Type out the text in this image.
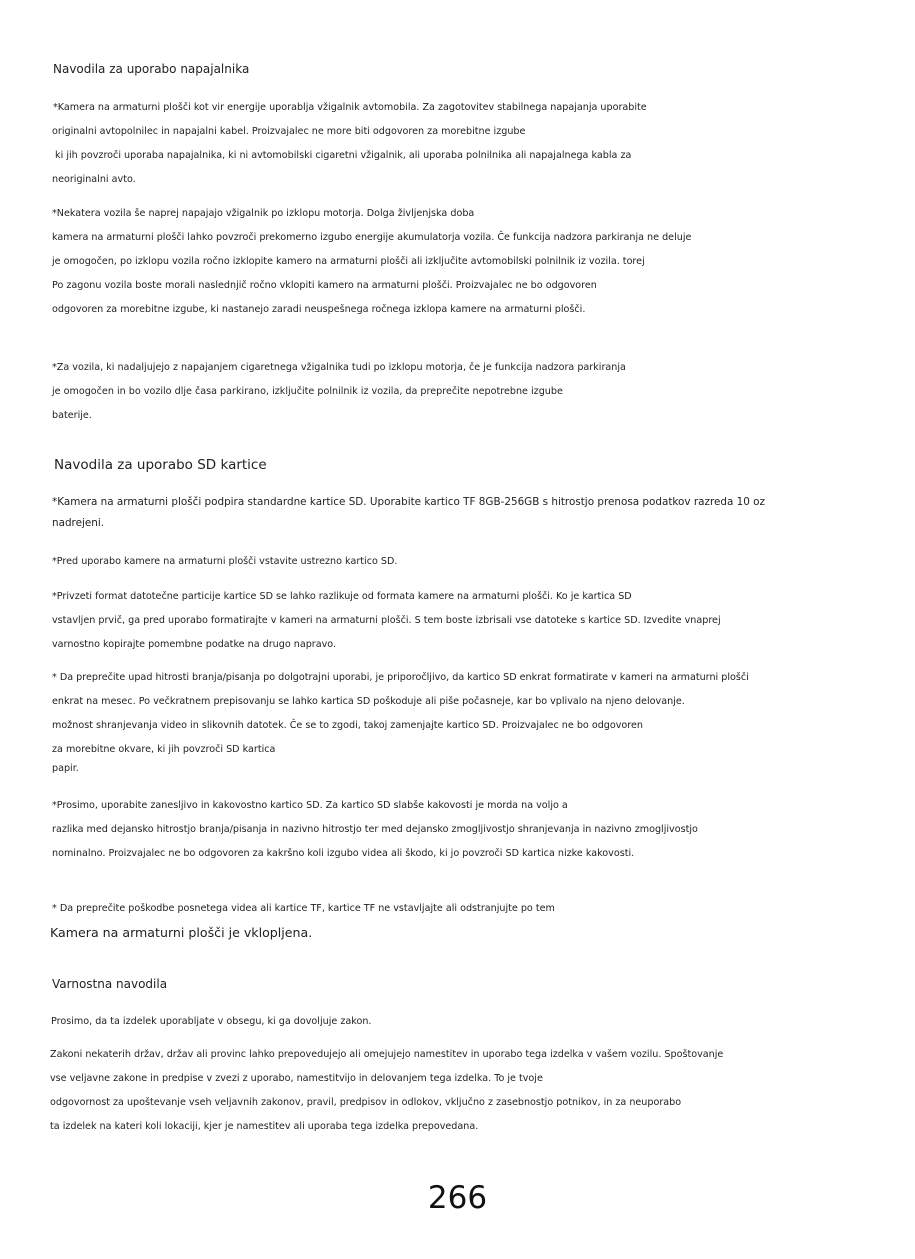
Navodila za uporabo napajalnika
*Kamera na armaturni plošči kot vir energije uporablja vžigalnik avtomobila. Za zagotovitev stabilnega napajanja uporabite
originalni avtopolnilec in napajalni kabel. Proizvajalec ne more biti odgovoren za morebitne izgube
ki jih povzroči uporaba napajalnika, ki ni avtomobilski cigaretni vžigalnik, ali uporaba polnilnika ali napajalnega kabla za
neoriginalni avto.
*Nekatera vozila še naprej napajajo vžigalnik po izklopu motorja. Dolga življenjska doba
kamera na armaturni plošči lahko povzroči prekomerno izgubo energije akumulatorja vozila. Če funkcija nadzora parkiranja ne deluje
je omogočen, po izklopu vozila ročno izklopite kamero na armaturni plošči ali izključite avtomobilski polnilnik iz vozila. torej
Po zagonu vozila boste morali naslednjič ročno vklopiti kamero na armaturni plošči. Proizvajalec ne bo odgovoren
odgovoren za morebitne izgube, ki nastanejo zaradi neuspešnega ročnega izklopa kamere na armaturni plošči.
*Za vozila, ki nadaljujejo z napajanjem cigaretnega vžigalnika tudi po izklopu motorja, če je funkcija nadzora parkiranja
je omogočen in bo vozilo dlje časa parkirano, izključite polnilnik iz vozila, da preprečite nepotrebne izgube
baterije.
Navodila za uporabo SD kartice
*Kamera na armaturni plošči podpira standardne kartice SD. Uporabite kartico TF 8GB-256GB s hitrostjo prenosa podatkov razreda 10 oz
nadrejeni.
*Pred uporabo kamere na armaturni plošči vstavite ustrezno kartico SD.
*Privzeti format datotečne particije kartice SD se lahko razlikuje od formata kamere na armaturni plošči. Ko je kartica SD
vstavljen prvič, ga pred uporabo formatirajte v kameri na armaturni plošči. S tem boste izbrisali vse datoteke s kartice SD. Izvedite vnaprej
varnostno kopirajte pomembne podatke na drugo napravo.
* Da preprečite upad hitrosti branja/pisanja po dolgotrajni uporabi, je priporočljivo, da kartico SD enkrat formatirate v kameri na armaturni plošči
enkrat na mesec. Po večkratnem prepisovanju se lahko kartica SD poškoduje ali piše počasneje, kar bo vplivalo na njeno delovanje.
možnost shranjevanja video in slikovnih datotek. Če se to zgodi, takoj zamenjajte kartico SD. Proizvajalec ne bo odgovoren
za morebitne okvare, ki jih povzroči SD kartica
papir.
*Prosimo, uporabite zanesljivo in kakovostno kartico SD. Za kartico SD slabše kakovosti je morda na voljo a
razlika med dejansko hitrostjo branja/pisanja in nazivno hitrostjo ter med dejansko zmogljivostjo shranjevanja in nazivno zmogljivostjo
nominalno. Proizvajalec ne bo odgovoren za kakršno koli izgubo videa ali škodo, ki jo povzroči SD kartica nizke kakovosti.
* Da preprečite poškodbe posnetega videa ali kartice TF, kartice TF ne vstavljajte ali odstranjujte po tem
Kamera na armaturni plošči je vklopljena.
Varnostna navodila
Prosimo, da ta izdelek uporabljate v obsegu, ki ga dovoljuje zakon.
Zakoni nekaterih držav, držav ali provinc lahko prepovedujejo ali omejujejo namestitev in uporabo tega izdelka v vašem vozilu. Spoštovanje
vse veljavne zakone in predpise v zvezi z uporabo, namestitvijo in delovanjem tega izdelka. To je tvoje
odgovornost za upoštevanje vseh veljavnih zakonov, pravil, predpisov in odlokov, vključno z zasebnostjo potnikov, in za neuporabo
ta izdelek na kateri koli lokaciji, kjer je namestitev ali uporaba tega izdelka prepovedana.
266
